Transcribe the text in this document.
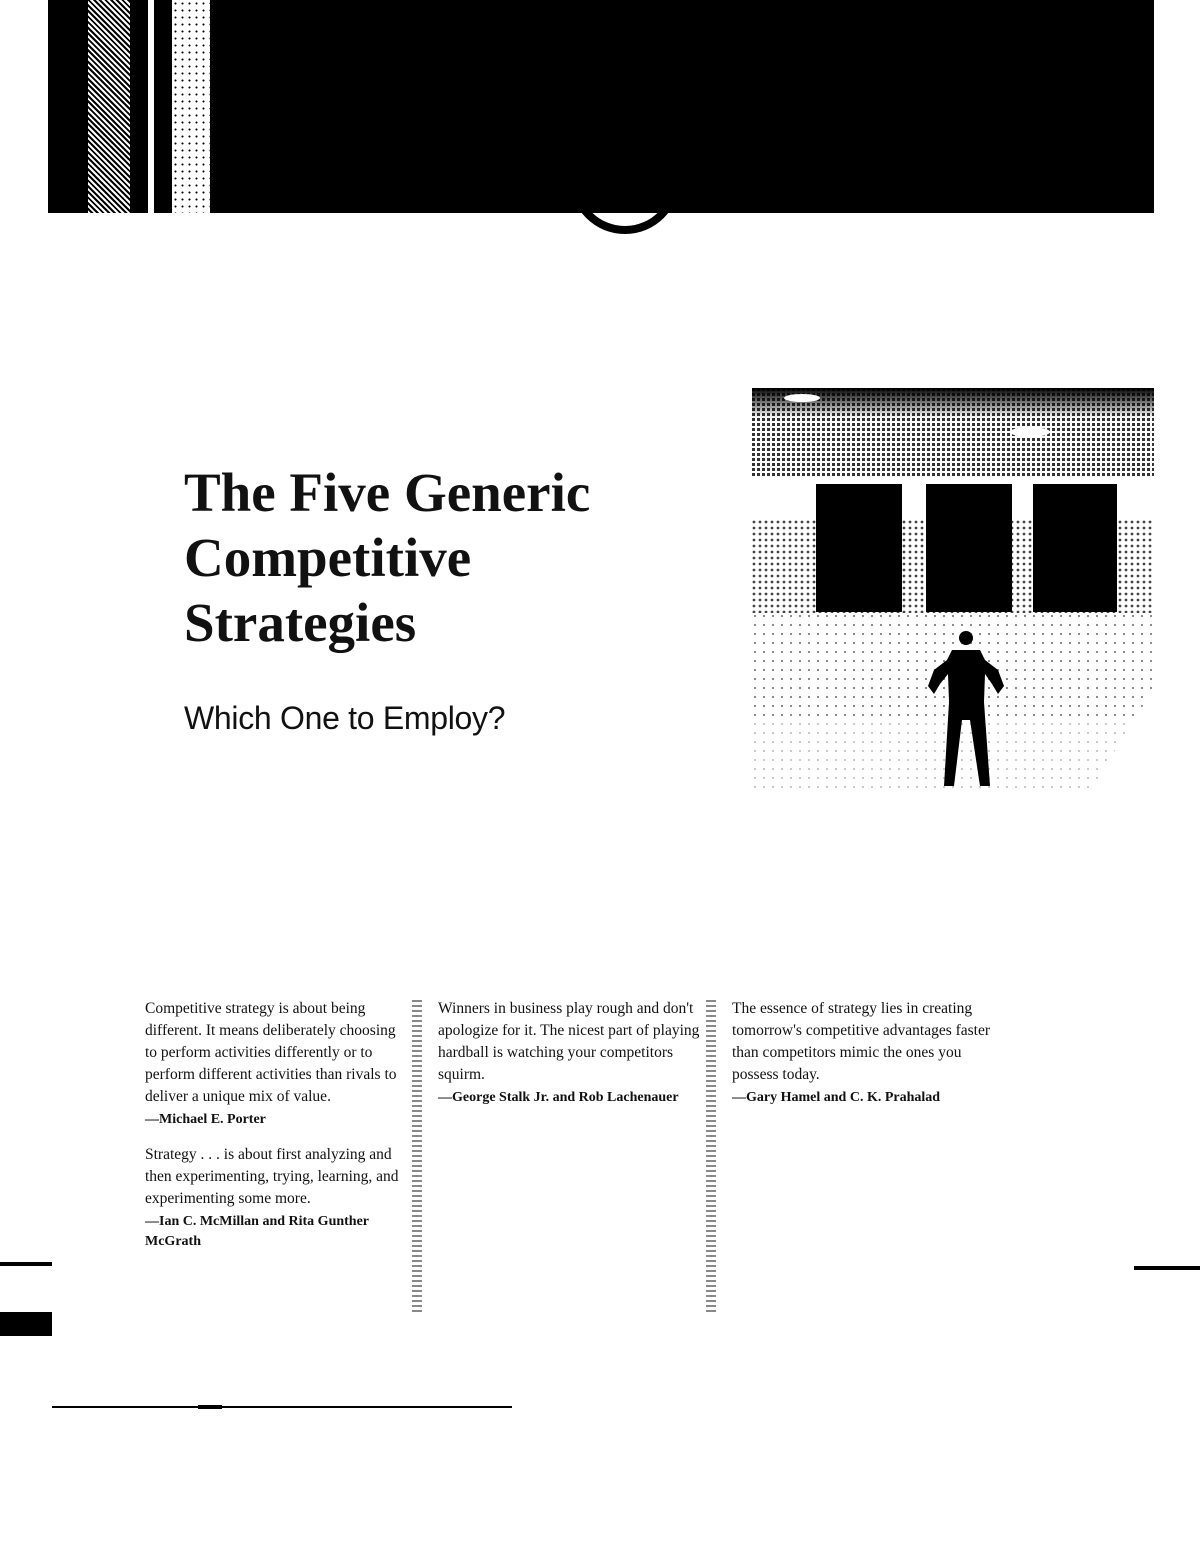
The Five Generic Competitive Strategies
Which One to Employ?

Competitive strategy is about being different. It means deliberately choosing to perform activities differently or to perform different activities than rivals to deliver a unique mix of value.

—Michael E. Porter

Strategy . . . is about first analyzing and then experimenting, trying, learning, and experimenting some more.

—Ian C. McMillan and Rita Gunther McGrath

Winners in business play rough and don't apologize for it. The nicest part of playing hardball is watching your competitors squirm.

—George Stalk Jr. and Rob Lachenauer

The essence of strategy lies in creating tomorrow's competitive advantages faster than competitors mimic the ones you possess today.

—Gary Hamel and C. K. Prahalad
